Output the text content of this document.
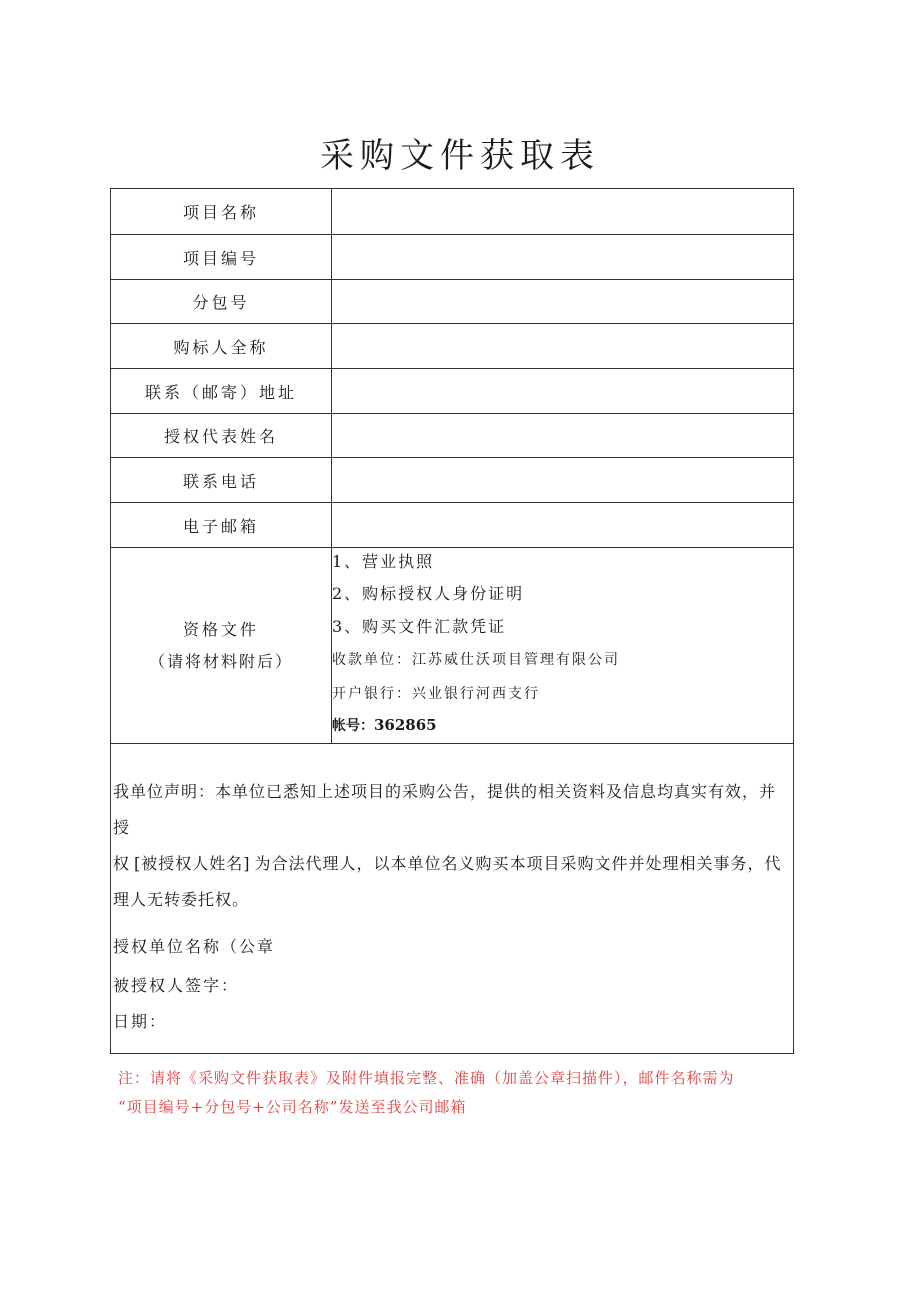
采购文件获取表
项目名称
项目编号
分包号
购标人全称
联系（邮寄）地址
授权代表姓名
联系电话
电子邮箱
资格文件
（请将材料附后）
1、营业执照
2、购标授权人身份证明
3、购买文件汇款凭证
收款单位：江苏威仕沃项目管理有限公司
开户银行：兴业银行河西支行
帐号：362865

我单位声明：本单位已悉知上述项目的采购公告，提供的相关资料及信息均真实有效，并授

权 [被授权人姓名] 为合法代理人，以本单位名义购买本项目采购文件并处理相关事务，代

理人无转委托权。

授权单位名称（公章
被授权人签字：
日期：

注：请将《采购文件获取表》及附件填报完整、准确（加盖公章扫描件），邮件名称需为

“项目编号+分包号+公司名称”发送至我公司邮箱
